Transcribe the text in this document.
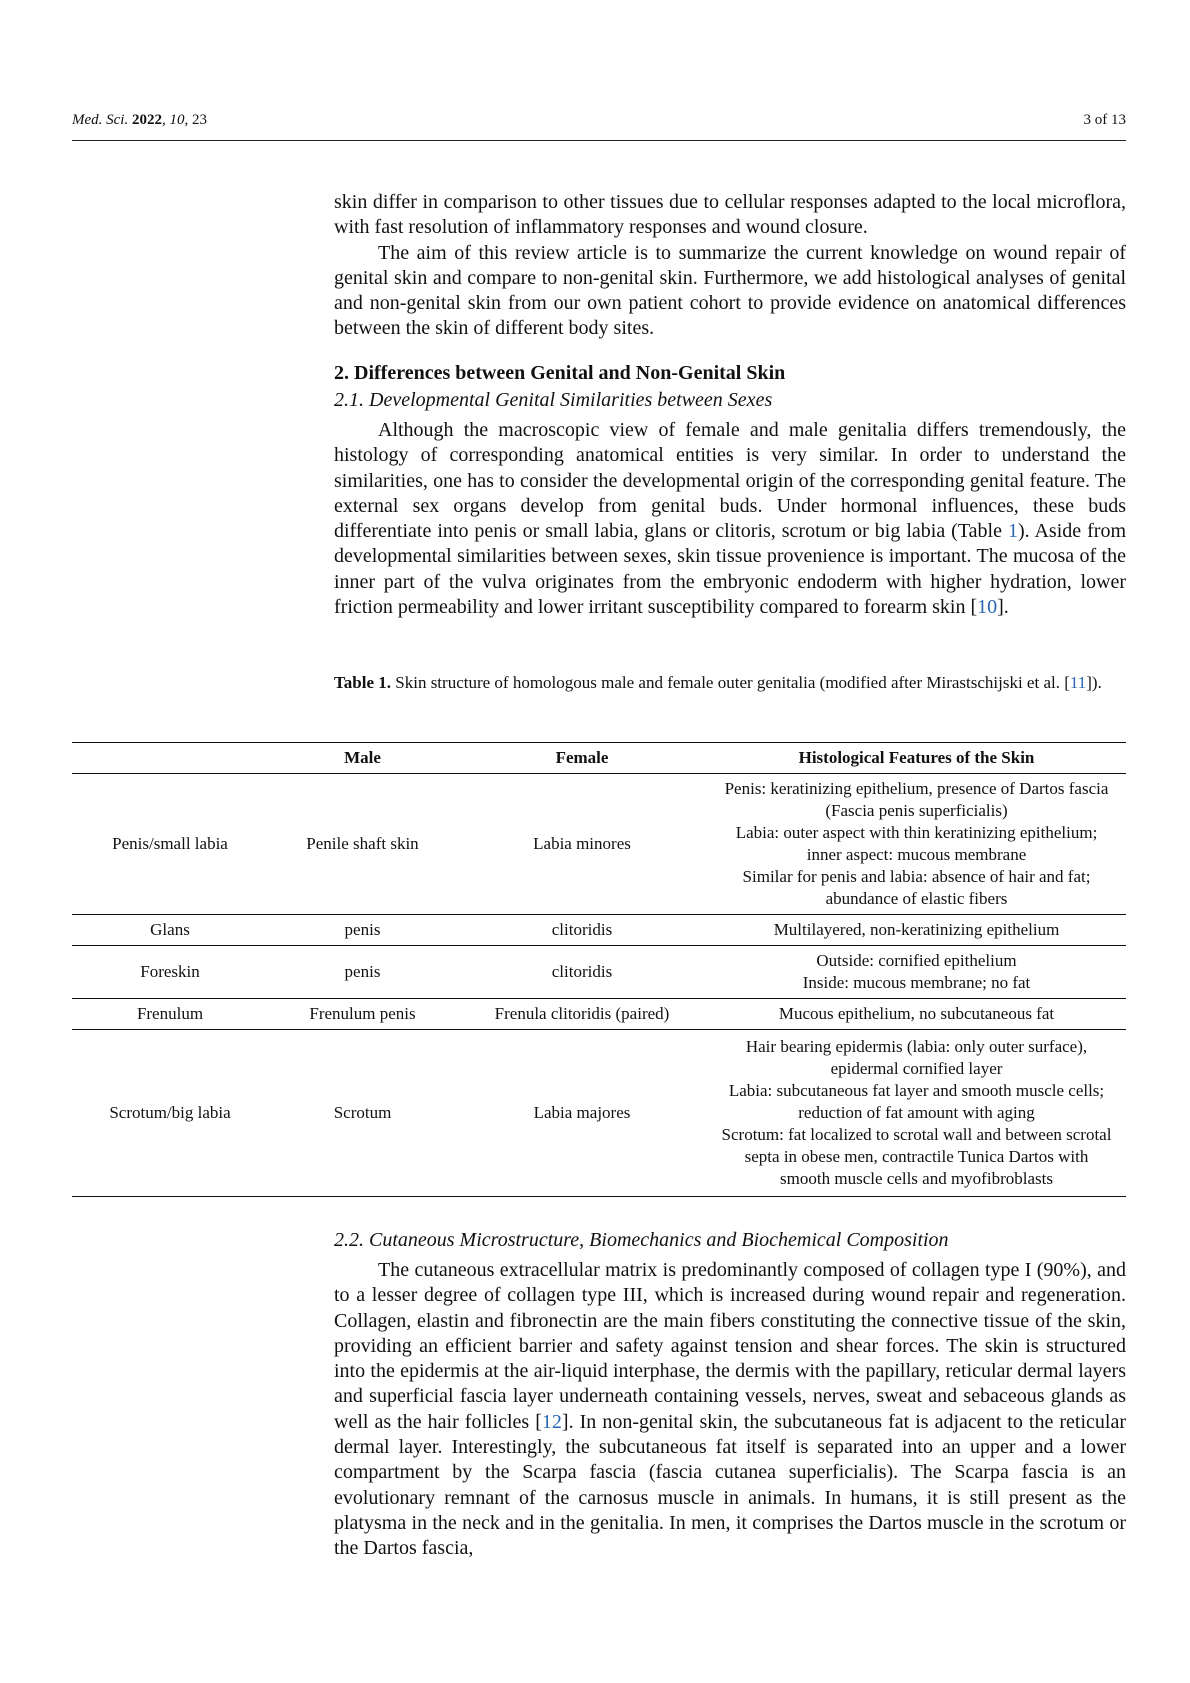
Med. Sci. 2022, 10, 23	3 of 13

skin differ in comparison to other tissues due to cellular responses adapted to the local microflora, with fast resolution of inflammatory responses and wound closure.

The aim of this review article is to summarize the current knowledge on wound repair of genital skin and compare to non-genital skin. Furthermore, we add histological analyses of genital and non-genital skin from our own patient cohort to provide evidence on anatomical differences between the skin of different body sites.

2. Differences between Genital and Non-Genital Skin

2.1. Developmental Genital Similarities between Sexes

Although the macroscopic view of female and male genitalia differs tremendously, the histology of corresponding anatomical entities is very similar. In order to understand the similarities, one has to consider the developmental origin of the corresponding genital feature. The external sex organs develop from genital buds. Under hormonal influences, these buds differentiate into penis or small labia, glans or clitoris, scrotum or big labia (Table 1). Aside from developmental similarities between sexes, skin tissue provenience is important. The mucosa of the inner part of the vulva originates from the embryonic endoderm with higher hydration, lower friction permeability and lower irritant susceptibility compared to forearm skin [10].

Table 1. Skin structure of homologous male and female outer genitalia (modified after Mirastschijski et al. [11]).

	Male	Female	Histological Features of the Skin
Penis/small labia	Penile shaft skin	Labia minores	Penis: keratinizing epithelium, presence of Dartos fascia (Fascia penis superficialis)
Labia: outer aspect with thin keratinizing epithelium; inner aspect: mucous membrane
Similar for penis and labia: absence of hair and fat; abundance of elastic fibers

Glans	penis	clitoridis	Multilayered, non-keratinizing epithelium

Foreskin	penis	clitoridis	Outside: cornified epithelium
Inside: mucous membrane; no fat

Frenulum	Frenulum penis	Frenula clitoridis (paired)	Mucous epithelium, no subcutaneous fat

Scrotum/big labia	Scrotum	Labia majores	Hair bearing epidermis (labia: only outer surface), epidermal cornified layer
Labia: subcutaneous fat layer and smooth muscle cells; reduction of fat amount with aging
Scrotum: fat localized to scrotal wall and between scrotal septa in obese men, contractile Tunica Dartos with smooth muscle cells and myofibroblasts

2.2. Cutaneous Microstructure, Biomechanics and Biochemical Composition

The cutaneous extracellular matrix is predominantly composed of collagen type I (90%), and to a lesser degree of collagen type III, which is increased during wound repair and regeneration. Collagen, elastin and fibronectin are the main fibers constituting the connective tissue of the skin, providing an efficient barrier and safety against tension and shear forces. The skin is structured into the epidermis at the air-liquid interphase, the dermis with the papillary, reticular dermal layers and superficial fascia layer underneath containing vessels, nerves, sweat and sebaceous glands as well as the hair follicles [12]. In non-genital skin, the subcutaneous fat is adjacent to the reticular dermal layer. Interestingly, the subcutaneous fat itself is separated into an upper and a lower compartment by the Scarpa fascia (fascia cutanea superficialis). The Scarpa fascia is an evolutionary remnant of the carnosus muscle in animals. In humans, it is still present as the platysma in the neck and in the genitalia. In men, it comprises the Dartos muscle in the scrotum or the Dartos fascia,
